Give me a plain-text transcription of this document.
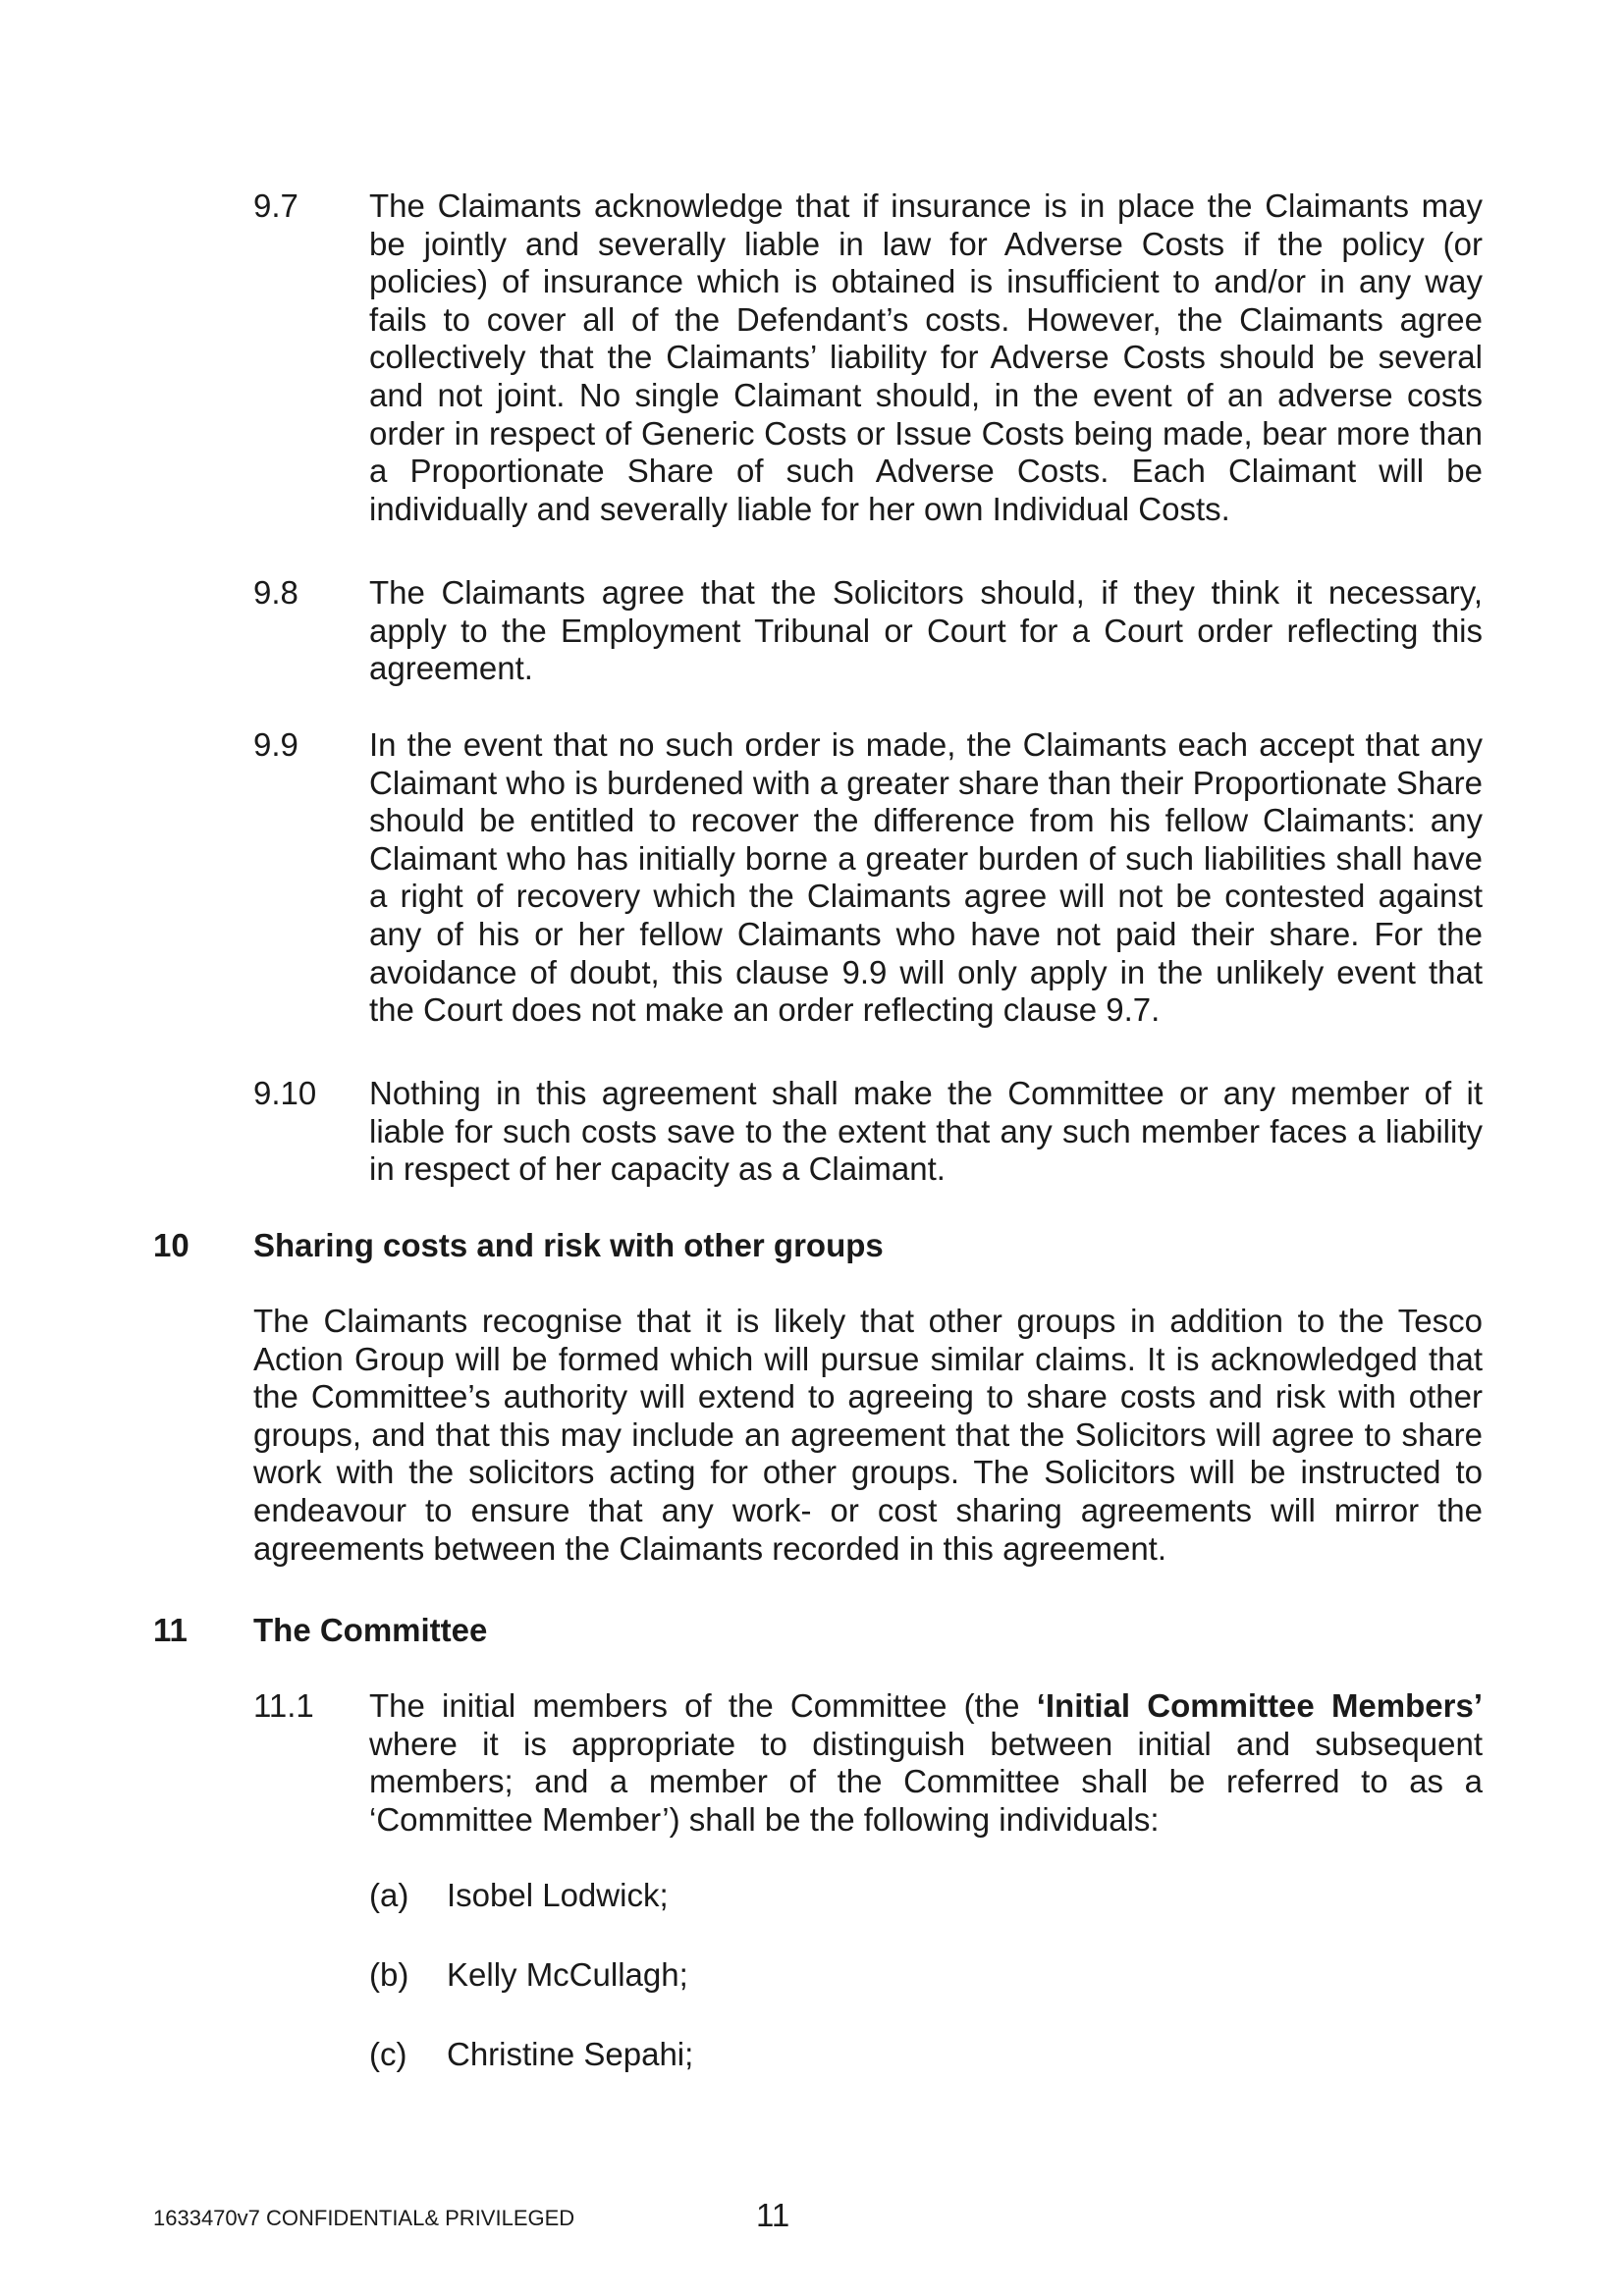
9.7 The Claimants acknowledge that if insurance is in place the Claimants may be jointly and severally liable in law for Adverse Costs if the policy (or policies) of insurance which is obtained is insufficient to and/or in any way fails to cover all of the Defendant’s costs. However, the Claimants agree collectively that the Claimants’ liability for Adverse Costs should be several and not joint. No single Claimant should, in the event of an adverse costs order in respect of Generic Costs or Issue Costs being made, bear more than a Proportionate Share of such Adverse Costs. Each Claimant will be individually and severally liable for her own Individual Costs.
9.8 The Claimants agree that the Solicitors should, if they think it necessary, apply to the Employment Tribunal or Court for a Court order reflecting this agreement.
9.9 In the event that no such order is made, the Claimants each accept that any Claimant who is burdened with a greater share than their Proportionate Share should be entitled to recover the difference from his fellow Claimants: any Claimant who has initially borne a greater burden of such liabilities shall have a right of recovery which the Claimants agree will not be contested against any of his or her fellow Claimants who have not paid their share. For the avoidance of doubt, this clause 9.9 will only apply in the unlikely event that the Court does not make an order reflecting clause 9.7.
9.10 Nothing in this agreement shall make the Committee or any member of it liable for such costs save to the extent that any such member faces a liability in respect of her capacity as a Claimant.
10 Sharing costs and risk with other groups
The Claimants recognise that it is likely that other groups in addition to the Tesco Action Group will be formed which will pursue similar claims. It is acknowledged that the Committee’s authority will extend to agreeing to share costs and risk with other groups, and that this may include an agreement that the Solicitors will agree to share work with the solicitors acting for other groups. The Solicitors will be instructed to endeavour to ensure that any work- or cost sharing agreements will mirror the agreements between the Claimants recorded in this agreement.
11 The Committee
11.1 The initial members of the Committee (the ‘Initial Committee Members’ where it is appropriate to distinguish between initial and subsequent members; and a member of the Committee shall be referred to as a ‘Committee Member’) shall be the following individuals:
(a) Isobel Lodwick;
(b) Kelly McCullagh;
(c) Christine Sepahi;
1633470v7 CONFIDENTIAL& PRIVILEGED	11
